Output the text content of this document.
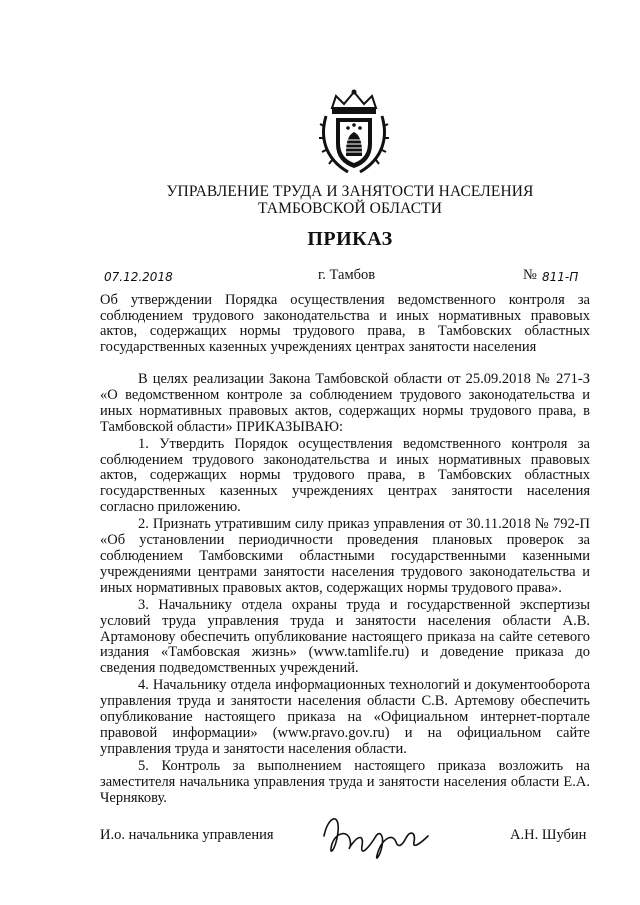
УПРАВЛЕНИЕ ТРУДА И ЗАНЯТОСТИ НАСЕЛЕНИЯ
ТАМБОВСКОЙ ОБЛАСТИ
ПРИКАЗ
07.12.2018	г. Тамбов	№ 811-П
Об утверждении Порядка осуществления ведомственного контроля за соблюдением трудового законодательства и иных нормативных правовых актов, содержащих нормы трудового права, в Тамбовских областных государственных казенных учреждениях центрах занятости населения

В целях реализации Закона Тамбовской области от 25.09.2018 № 271-З «О ведомственном контроле за соблюдением трудового законодательства и иных нормативных правовых актов, содержащих нормы трудового права, в Тамбовской области» ПРИКАЗЫВАЮ:

1. Утвердить Порядок осуществления ведомственного контроля за соблюдением трудового законодательства и иных нормативных правовых актов, содержащих нормы трудового права, в Тамбовских областных государственных казенных учреждениях центрах занятости населения согласно приложению.

2. Признать утратившим силу приказ управления от 30.11.2018 № 792-П «Об установлении периодичности проведения плановых проверок за соблюдением Тамбовскими областными государственными казенными учреждениями центрами занятости населения трудового законодательства и иных нормативных правовых актов, содержащих нормы трудового права».

3. Начальнику отдела охраны труда и государственной экспертизы условий труда управления труда и занятости населения области А.В. Артамонову обеспечить опубликование настоящего приказа на сайте сетевого издания «Тамбовская жизнь» (www.tamlife.ru) и доведение приказа до сведения подведомственных учреждений.

4. Начальнику отдела информационных технологий и документооборота управления труда и занятости населения области С.В. Артемову обеспечить опубликование настоящего приказа на «Официальном интернет-портале правовой информации» (www.pravo.gov.ru) и на официальном сайте управления труда и занятости населения области.

5. Контроль за выполнением настоящего приказа возложить на заместителя начальника управления труда и занятости населения области Е.А. Чернякову.

И.о. начальника управления	А.Н. Шубин
